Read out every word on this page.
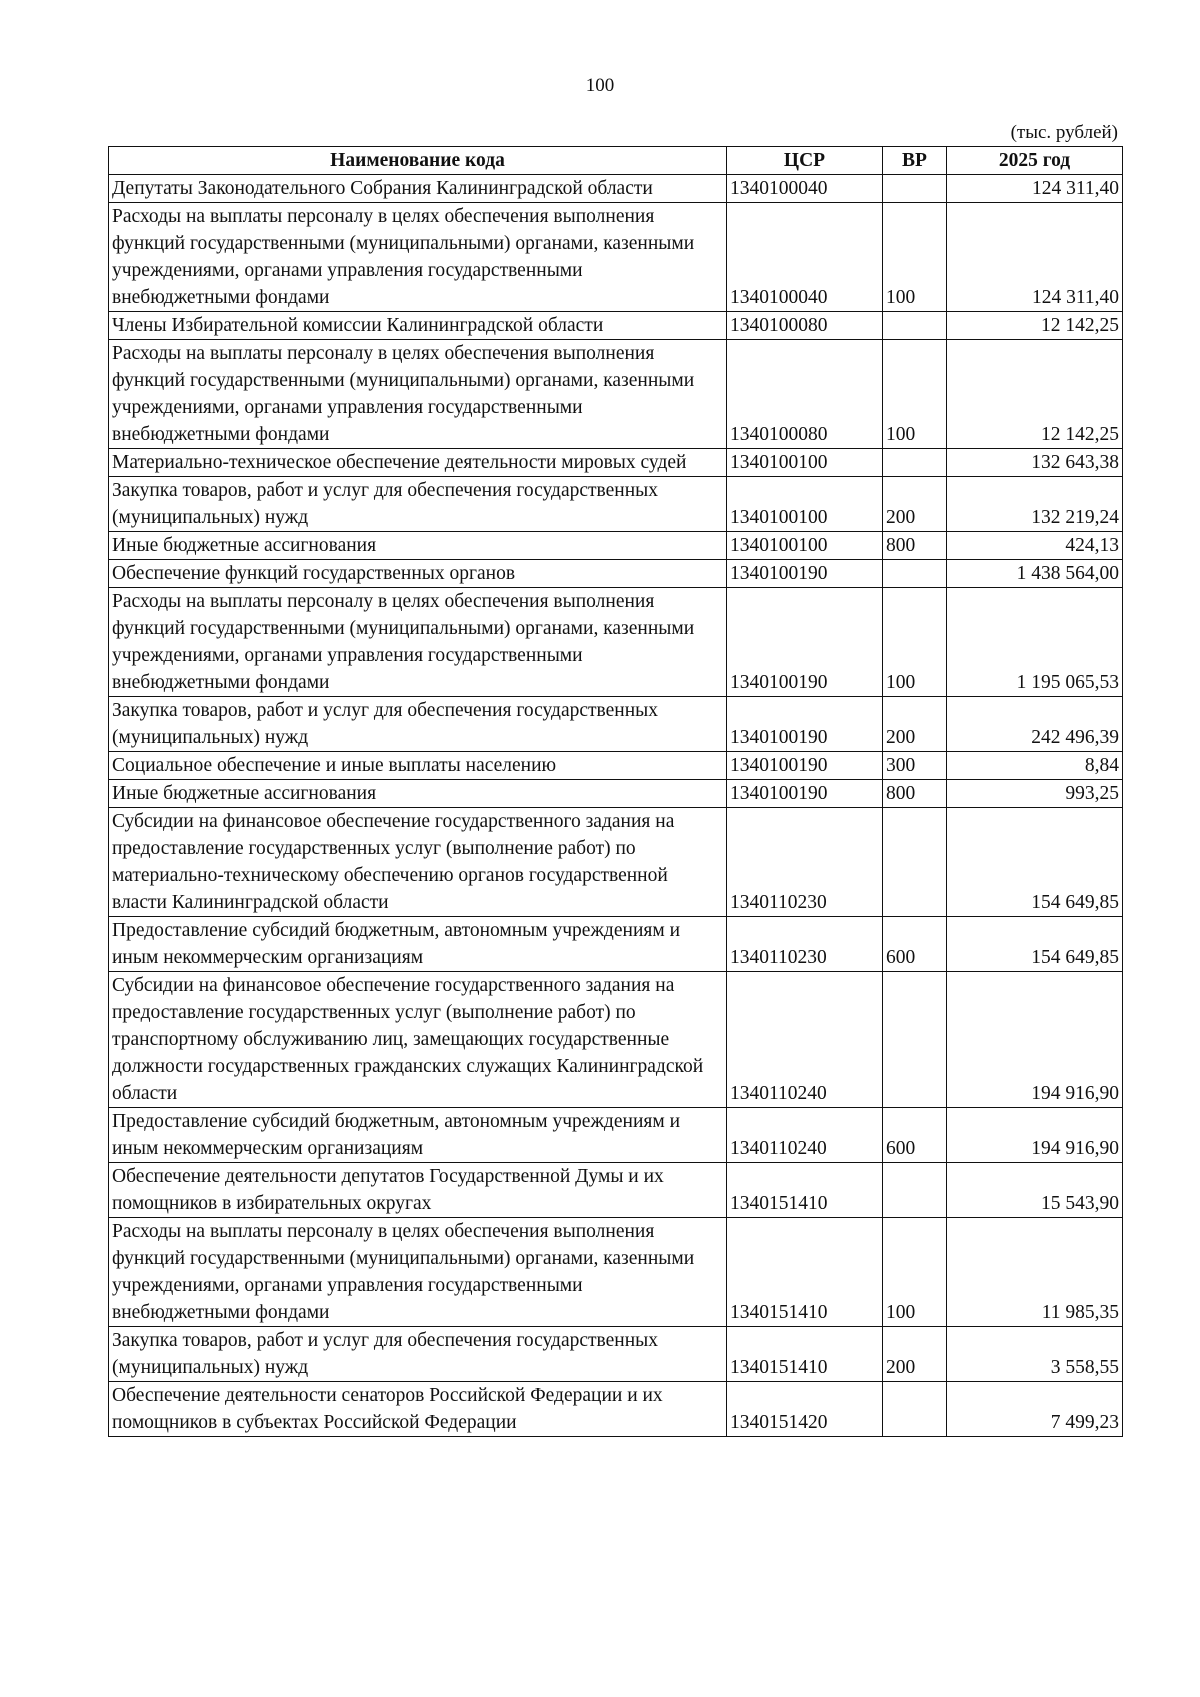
100
(тыс. рублей)
Наименование кода	ЦСР	ВР	2025 год
Депутаты Законодательного Собрания Калининградской области	1340100040		124 311,40
Расходы на выплаты персоналу в целях обеспечения выполнения функций государственными (муниципальными) органами, казенными учреждениями, органами управления государственными внебюджетными фондами	1340100040	100	124 311,40
Члены Избирательной комиссии Калининградской области	1340100080		12 142,25
Расходы на выплаты персоналу в целях обеспечения выполнения функций государственными (муниципальными) органами, казенными учреждениями, органами управления государственными внебюджетными фондами	1340100080	100	12 142,25
Материально-техническое обеспечение деятельности мировых судей	1340100100		132 643,38
Закупка товаров, работ и услуг для обеспечения государственных (муниципальных) нужд	1340100100	200	132 219,24
Иные бюджетные ассигнования	1340100100	800	424,13
Обеспечение функций государственных органов	1340100190		1 438 564,00
Расходы на выплаты персоналу в целях обеспечения выполнения функций государственными (муниципальными) органами, казенными учреждениями, органами управления государственными внебюджетными фондами	1340100190	100	1 195 065,53
Закупка товаров, работ и услуг для обеспечения государственных (муниципальных) нужд	1340100190	200	242 496,39
Социальное обеспечение и иные выплаты населению	1340100190	300	8,84
Иные бюджетные ассигнования	1340100190	800	993,25
Субсидии на финансовое обеспечение государственного задания на предоставление государственных услуг (выполнение работ) по материально-техническому обеспечению органов государственной власти Калининградской области	1340110230		154 649,85
Предоставление субсидий бюджетным, автономным учреждениям и иным некоммерческим организациям	1340110230	600	154 649,85
Субсидии на финансовое обеспечение государственного задания на предоставление государственных услуг (выполнение работ) по транспортному обслуживанию лиц, замещающих государственные должности государственных гражданских служащих Калининградской области	1340110240		194 916,90
Предоставление субсидий бюджетным, автономным учреждениям и иным некоммерческим организациям	1340110240	600	194 916,90
Обеспечение деятельности депутатов Государственной Думы и их помощников в избирательных округах	1340151410		15 543,90
Расходы на выплаты персоналу в целях обеспечения выполнения функций государственными (муниципальными) органами, казенными учреждениями, органами управления государственными внебюджетными фондами	1340151410	100	11 985,35
Закупка товаров, работ и услуг для обеспечения государственных (муниципальных) нужд	1340151410	200	3 558,55
Обеспечение деятельности сенаторов Российской Федерации и их помощников в субъектах Российской Федерации	1340151420		7 499,23
